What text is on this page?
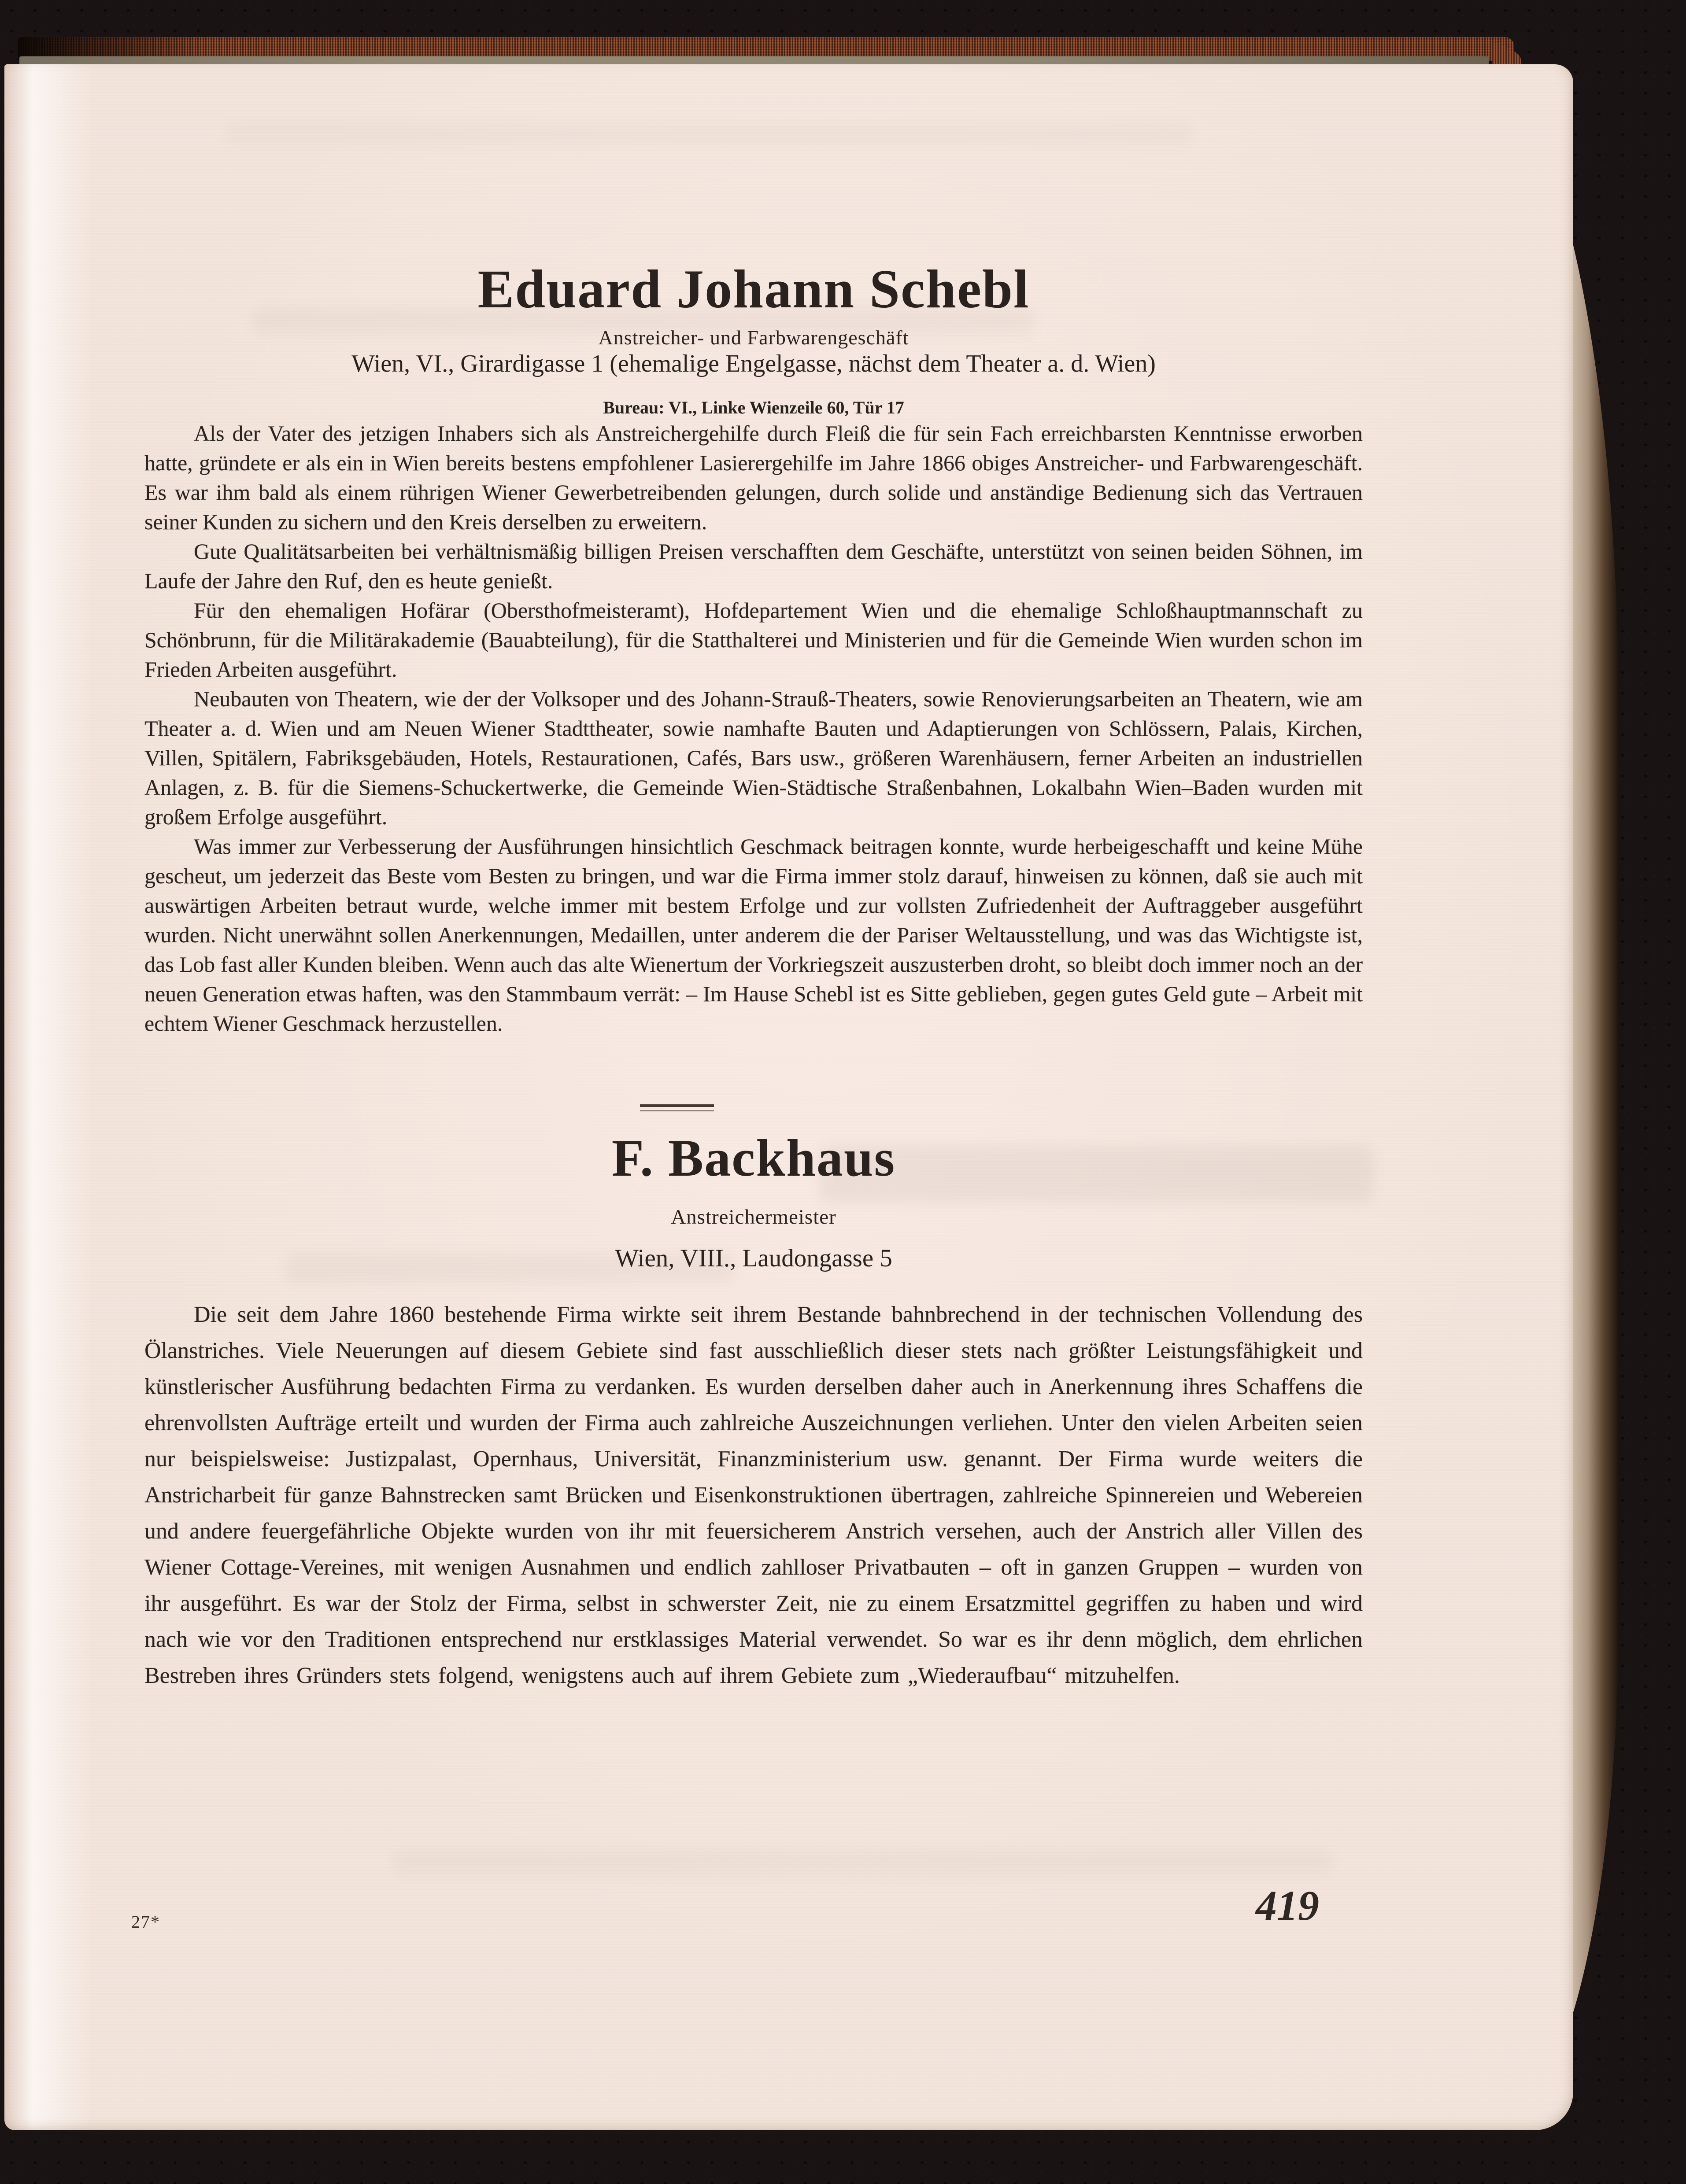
Eduard Johann Schebl
Anstreicher- und Farbwarengeschäft
Wien, VI., Girardigasse 1 (ehemalige Engelgasse, nächst dem Theater a. d. Wien)
Bureau: VI., Linke Wienzeile 60, Tür 17

Als der Vater des jetzigen Inhabers sich als Anstreichergehilfe durch Fleiß die für sein Fach erreichbarsten Kenntnisse erworben hatte, gründete er als ein in Wien bereits bestens empfohlener Lasierergehilfe im Jahre 1866 obiges Anstreicher- und Farbwarengeschäft. Es war ihm bald als einem rührigen Wiener Gewerbetreibenden gelungen, durch solide und anständige Bedienung sich das Vertrauen seiner Kunden zu sichern und den Kreis derselben zu erweitern.

Gute Qualitätsarbeiten bei verhältnismäßig billigen Preisen verschafften dem Geschäfte, unterstützt von seinen beiden Söhnen, im Laufe der Jahre den Ruf, den es heute genießt.

Für den ehemaligen Hofärar (Obersthofmeisteramt), Hofdepartement Wien und die ehemalige Schloßhauptmannschaft zu Schönbrunn, für die Militärakademie (Bauabteilung), für die Statthalterei und Ministerien und für die Gemeinde Wien wurden schon im Frieden Arbeiten ausgeführt.

Neubauten von Theatern, wie der der Volksoper und des Johann-Strauß-Theaters, sowie Renovierungsarbeiten an Theatern, wie am Theater a. d. Wien und am Neuen Wiener Stadttheater, sowie namhafte Bauten und Adaptierungen von Schlössern, Palais, Kirchen, Villen, Spitälern, Fabriksgebäuden, Hotels, Restaurationen, Cafés, Bars usw., größeren Warenhäusern, ferner Arbeiten an industriellen Anlagen, z. B. für die Siemens-Schuckertwerke, die Gemeinde Wien-Städtische Straßenbahnen, Lokalbahn Wien–Baden wurden mit großem Erfolge ausgeführt.

Was immer zur Verbesserung der Ausführungen hinsichtlich Geschmack beitragen konnte, wurde herbeigeschafft und keine Mühe gescheut, um jederzeit das Beste vom Besten zu bringen, und war die Firma immer stolz darauf, hinweisen zu können, daß sie auch mit auswärtigen Arbeiten betraut wurde, welche immer mit bestem Erfolge und zur vollsten Zufriedenheit der Auftraggeber ausgeführt wurden. Nicht unerwähnt sollen Anerkennungen, Medaillen, unter anderem die der Pariser Weltausstellung, und was das Wichtigste ist, das Lob fast aller Kunden bleiben. Wenn auch das alte Wienertum der Vorkriegszeit auszusterben droht, so bleibt doch immer noch an der neuen Generation etwas haften, was den Stammbaum verrät: – Im Hause Schebl ist es Sitte geblieben, gegen gutes Geld gute – Arbeit mit echtem Wiener Geschmack herzustellen.

F. Backhaus
Anstreichermeister
Wien, VIII., Laudongasse 5

Die seit dem Jahre 1860 bestehende Firma wirkte seit ihrem Bestande bahnbrechend in der technischen Vollendung des Ölanstriches. Viele Neuerungen auf diesem Gebiete sind fast ausschließlich dieser stets nach größter Leistungsfähigkeit und künstlerischer Ausführung bedachten Firma zu verdanken. Es wurden derselben daher auch in Anerkennung ihres Schaffens die ehrenvollsten Aufträge erteilt und wurden der Firma auch zahlreiche Auszeichnungen verliehen. Unter den vielen Arbeiten seien nur beispielsweise: Justizpalast, Opernhaus, Universität, Finanzministerium usw. genannt. Der Firma wurde weiters die Anstricharbeit für ganze Bahnstrecken samt Brücken und Eisenkonstruktionen übertragen, zahlreiche Spinnereien und Webereien und andere feuergefährliche Objekte wurden von ihr mit feuersicherem Anstrich versehen, auch der Anstrich aller Villen des Wiener Cottage-Vereines, mit wenigen Ausnahmen und endlich zahlloser Privatbauten – oft in ganzen Gruppen – wurden von ihr ausgeführt. Es war der Stolz der Firma, selbst in schwerster Zeit, nie zu einem Ersatzmittel gegriffen zu haben und wird nach wie vor den Traditionen entsprechend nur erstklassiges Material verwendet. So war es ihr denn möglich, dem ehrlichen Bestreben ihres Gründers stets folgend, wenigstens auch auf ihrem Gebiete zum „Wiederaufbau“ mitzuhelfen.

27*	419
